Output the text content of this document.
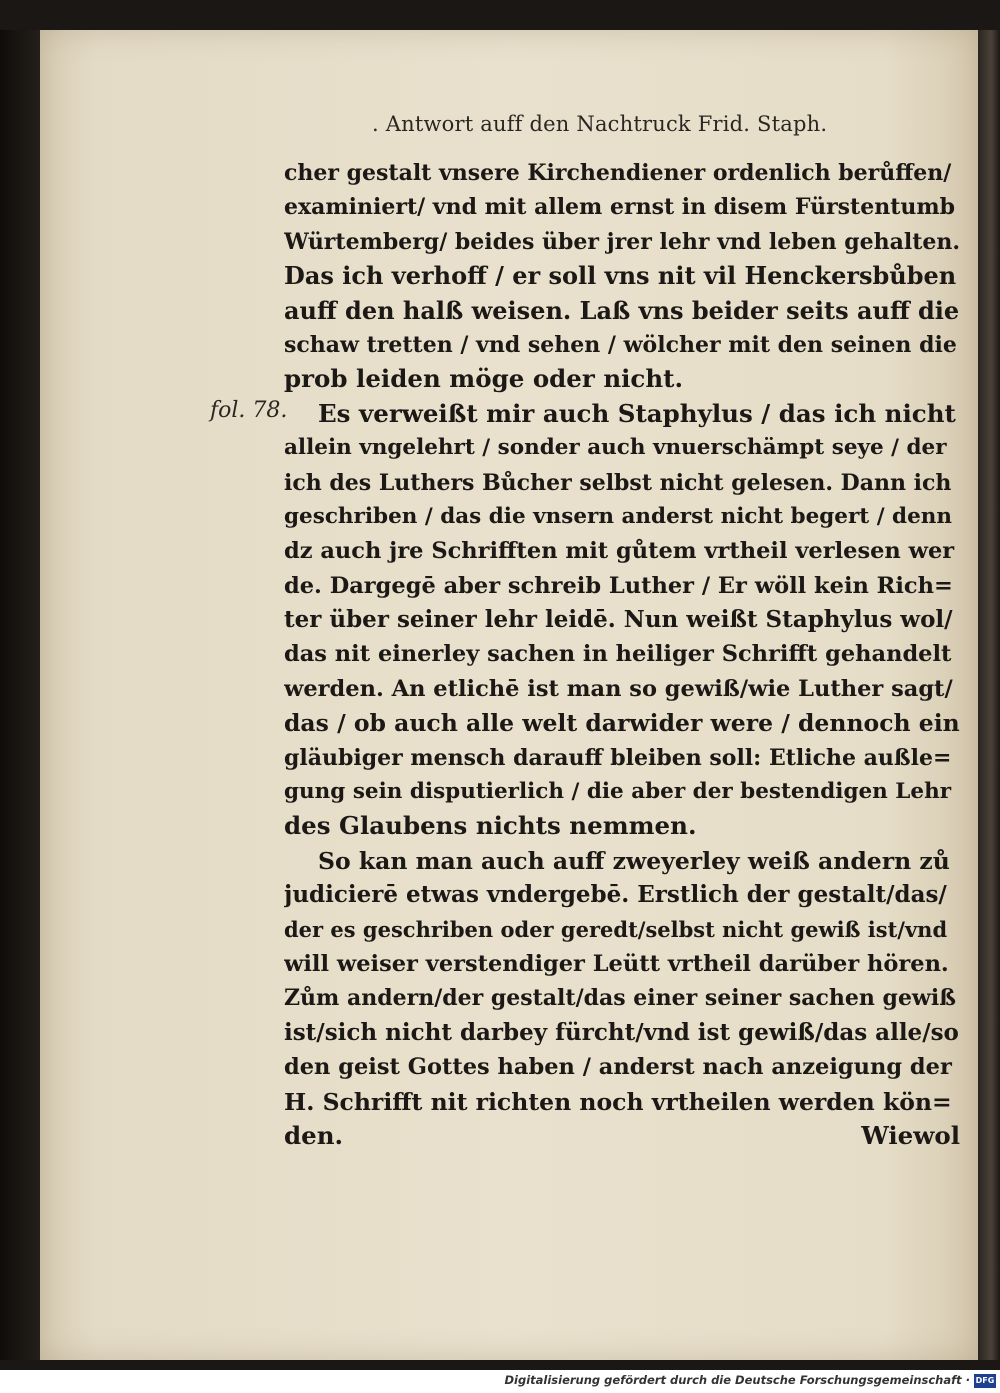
. Antwort auff den Nachtruck Frid. Staph.
fol. 78.
cher gestalt vnsere Kirchendiener ordenlich berůffen/
examiniert/ vnd mit allem ernst in disem Fürstentumb
Würtemberg/ beides über jrer lehr vnd leben gehalten.
Das ich verhoff / er soll vns nit vil Henckersbůben
auff den halß weisen. Laß vns beider seits auff die
schaw tretten / vnd sehen / wölcher mit den seinen die
prob leiden möge oder nicht.
Es verweißt mir auch Staphylus / das ich nicht
allein vngelehrt / sonder auch vnuerschämpt seye / der
ich des Luthers Bůcher selbst nicht gelesen. Dann ich
geschriben / das die vnsern anderst nicht begert / denn
dz auch jre Schrifften mit gůtem vrtheil verlesen wer
de. Dargegē aber schreib Luther / Er wöll kein Rich=
ter über seiner lehr leidē. Nun weißt Staphylus wol/
das nit einerley sachen in heiliger Schrifft gehandelt
werden. An etlichē ist man so gewiß/wie Luther sagt/
das / ob auch alle welt darwider were / dennoch ein
gläubiger mensch darauff bleiben soll: Etliche außle=
gung sein disputierlich / die aber der bestendigen Lehr
des Glaubens nichts nemmen.
So kan man auch auff zweyerley weiß andern zů
judicierē etwas vndergebē. Erstlich der gestalt/das/
der es geschriben oder geredt/selbst nicht gewiß ist/vnd
will weiser verstendiger Leütt vrtheil darüber hören.
Zům andern/der gestalt/das einer seiner sachen gewiß
ist/sich nicht darbey fürcht/vnd ist gewiß/das alle/so
den geist Gottes haben / anderst nach anzeigung der
H. Schrifft nit richten noch vrtheilen werden kön=
den.	Wiewol
Digitalisierung gefördert durch die Deutsche Forschungsgemeinschaft · DFG
